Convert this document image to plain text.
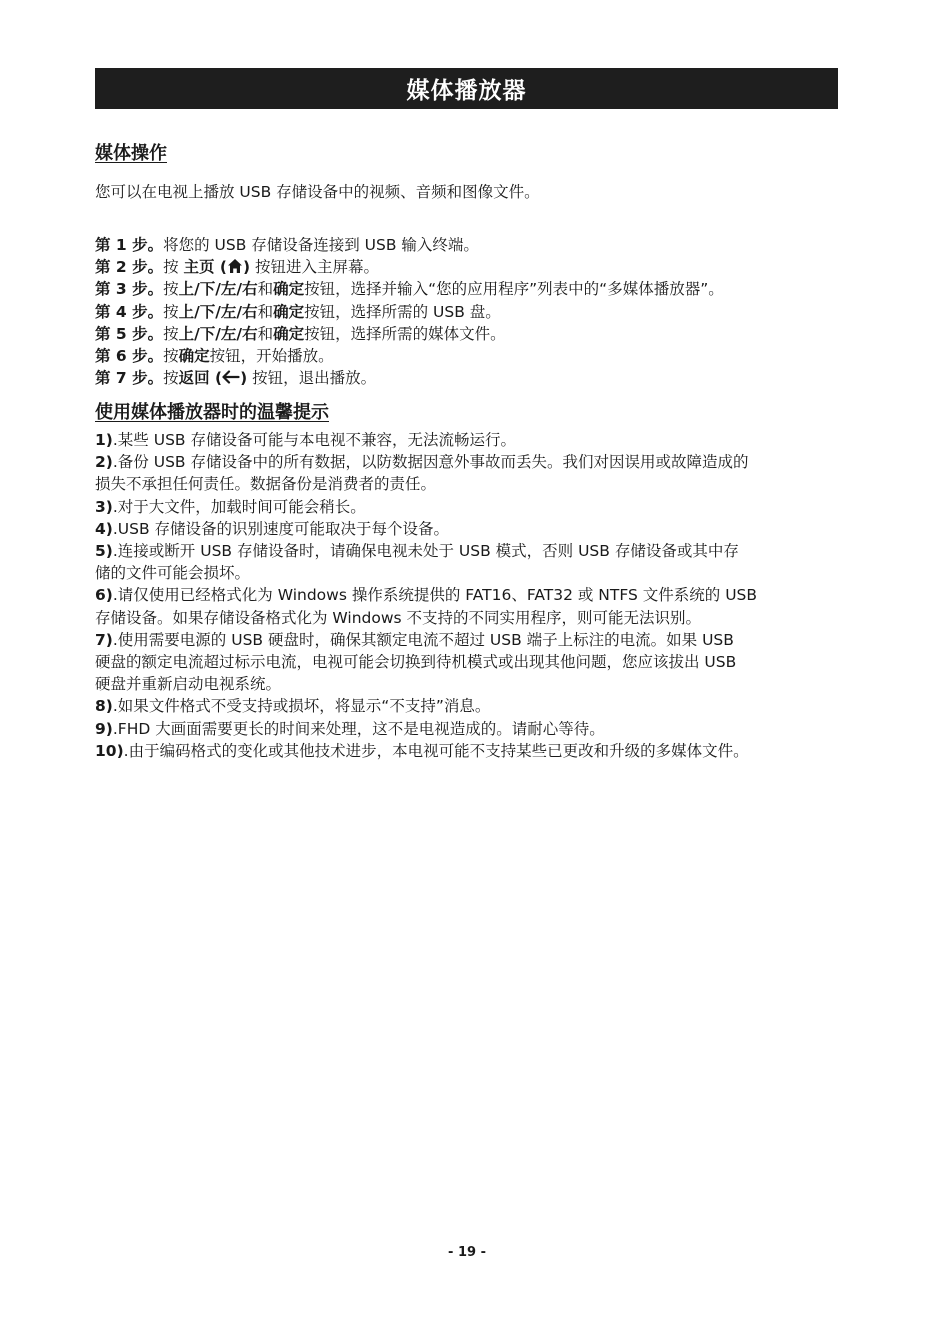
媒体播放器
媒体操作
您可以在电视上播放 USB 存储设备中的视频、音频和图像文件。
第 1 步。将您的 USB 存储设备连接到 USB 输入终端。
第 2 步。按 主页 ( ) 按钮进入主屏幕。
第 3 步。按上/下/左/右和确定按钮，选择并输入“您的应用程序”列表中的“多媒体播放器”。
第 4 步。按上/下/左/右和确定按钮，选择所需的 USB 盘。
第 5 步。按上/下/左/右和确定按钮，选择所需的媒体文件。
第 6 步。按确定按钮，开始播放。
第 7 步。按返回 ( ) 按钮，退出播放。
使用媒体播放器时的温馨提示
1).某些 USB 存储设备可能与本电视不兼容，无法流畅运行。
2).备份 USB 存储设备中的所有数据，以防数据因意外事故而丢失。我们对因误用或故障造成的
损失不承担任何责任。数据备份是消费者的责任。
3).对于大文件，加载时间可能会稍长。
4).USB 存储设备的识别速度可能取决于每个设备。
5).连接或断开 USB 存储设备时，请确保电视未处于 USB 模式，否则 USB 存储设备或其中存
储的文件可能会损坏。
6).请仅使用已经格式化为 Windows 操作系统提供的 FAT16、FAT32 或 NTFS 文件系统的 USB
存储设备。如果存储设备格式化为 Windows 不支持的不同实用程序，则可能无法识别。
7).使用需要电源的 USB 硬盘时，确保其额定电流不超过 USB 端子上标注的电流。如果 USB
硬盘的额定电流超过标示电流，电视可能会切换到待机模式或出现其他问题，您应该拔出 USB
硬盘并重新启动电视系统。
8).如果文件格式不受支持或损坏，将显示“不支持”消息。
9).FHD 大画面需要更长的时间来处理，这不是电视造成的。请耐心等待。
10).由于编码格式的变化或其他技术进步，本电视可能不支持某些已更改和升级的多媒体文件。
- 19 -
